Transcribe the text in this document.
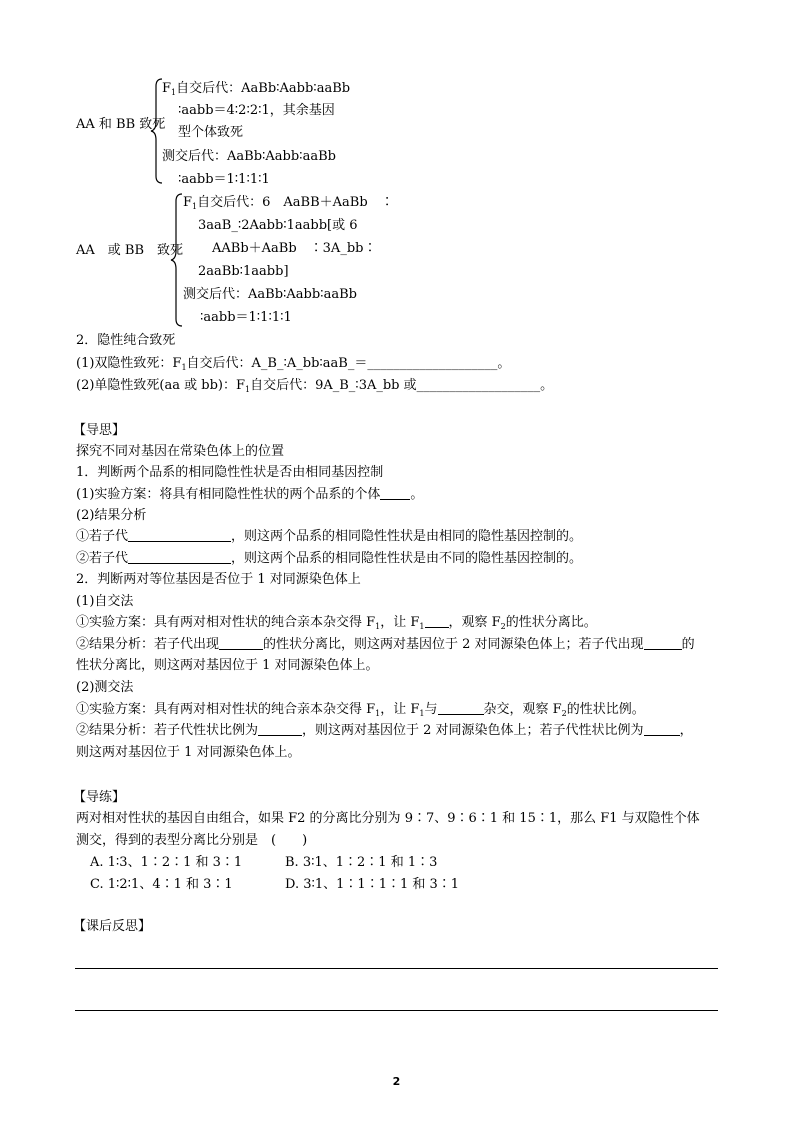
AA 和 BB 致死
$F_1$自交后代：AaBb∶Aabb∶aaBb
∶aabb＝4∶2∶2∶1，其余基因
型个体致死
测交后代：AaBb∶Aabb∶aaBb
∶aabb＝1∶1∶1∶1
AA　或 BB　致死
$F_1$自交后代：6　AaBB＋AaBb　∶
3aaB_∶2Aabb∶1aabb[或 6
AABb＋AaBb　∶3A_bb∶
2aaBb∶1aabb]
测交后代：AaBb∶Aabb∶aaBb
∶aabb＝1∶1∶1∶1
2．隐性纯合致死
(1)双隐性致死：$F_1$自交后代：A_B_∶A_bb∶aaB_＝____________________。
(2)单隐性致死(aa 或 bb)：$F_1$自交后代：9A_B_∶3A_bb 或___________________。
【导思】
探究不同对基因在常染色体上的位置
1．判断两个品系的相同隐性性状是否由相同基因控制
(1)实验方案：将具有相同隐性性状的两个品系的个体 。
(2)结果分析
①若子代	，则这两个品系的相同隐性性状是由相同的隐性基因控制的。
②若子代	，则这两个品系的相同隐性性状是由不同的隐性基因控制的。
2．判断两对等位基因是否位于 1 对同源染色体上
(1)自交法
①实验方案：具有两对相对性状的纯合亲本杂交得 $F_1$，让 $F_1$ ，观察 $F_2$的性状分离比。
②结果分析：若子代出现	的性状分离比，则这两对基因位于 2 对同源染色体上；若子代出现	的
性状分离比，则这两对基因位于 1 对同源染色体上。
(2)测交法
①实验方案：具有两对相对性状的纯合亲本杂交得 $F_1$，让 $F_1$与	杂交，观察 $F_2$的性状比例。
②结果分析：若子代性状比例为	，则这两对基因位于 2 对同源染色体上；若子代性状比例为	，
则这两对基因位于 1 对同源染色体上。
【导练】
两对相对性状的基因自由组合，如果 F2 的分离比分别为 9∶7、9∶6∶1 和 15∶1，那么 F1 与双隐性个体
测交，得到的表型分离比分别是　(　　)
A. 1∶3、1∶2∶1 和 3∶1	B. 3∶1、1∶2∶1 和 1∶3
C. 1∶2∶1、4∶1 和 3∶1	D. 3∶1、1∶1∶1∶1 和 3∶1
【课后反思】
2
